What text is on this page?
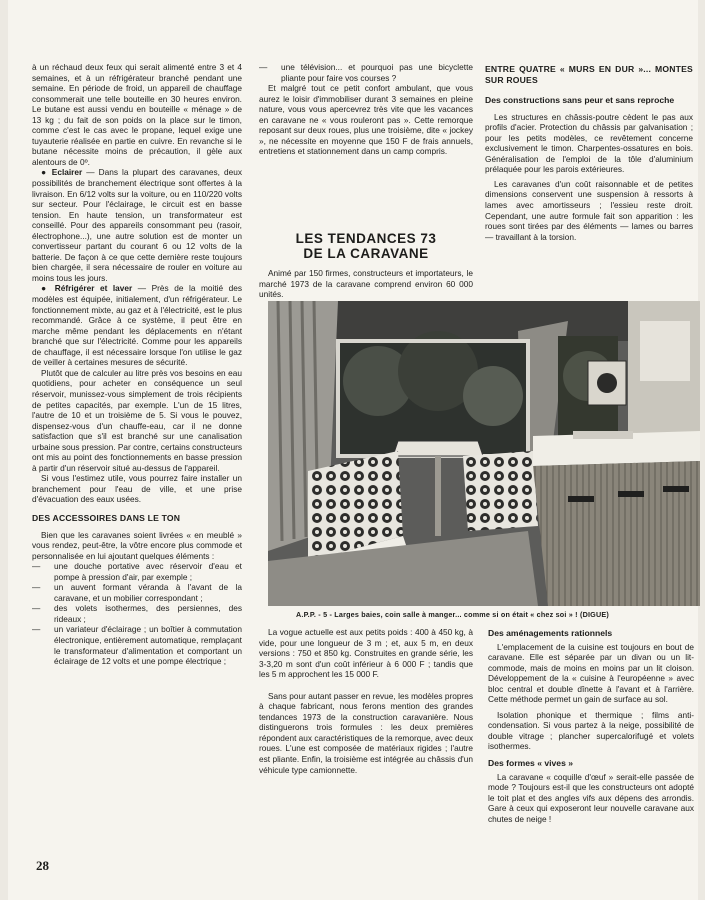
à un réchaud deux feux qui serait alimenté entre 3 et 4 semaines, et à un réfrigérateur branché pendant une semaine. En période de froid, un appareil de chauffage consommerait une telle bouteille en 30 heures environ. Le butane est aussi vendu en bouteille « ménage » de 13 kg ; du fait de son poids on la place sur le timon, comme c'est le cas avec le propane, lequel exige une tuyauterie réalisée en partie en cuivre. En revanche si le butane nécessite moins de précaution, il gèle aux alentours de 0º.

● Eclairer — Dans la plupart des caravanes, deux possibilités de branchement électrique sont offertes à la livraison. En 6/12 volts sur la voiture, ou en 110/220 volts sur secteur. Pour l'éclairage, le circuit est en basse tension. En haute tension, un transformateur est conseillé. Pour des appareils consommant peu (rasoir, électrophone...), une autre solution est de monter un convertisseur partant du courant 6 ou 12 volts de la batterie. De façon à ce que cette dernière reste toujours bien chargée, il sera nécessaire de rouler en voiture au moins tous les jours.

● Réfrigérer et laver — Près de la moitié des modèles est équipée, initialement, d'un réfrigérateur. Le fonctionnement mixte, au gaz et à l'électricité, est le plus recommandé. Grâce à ce système, il peut être en marche même pendant les déplacements en n'étant branché que sur l'électricité. Comme pour les appareils de chauffage, il est nécessaire lorsque l'on utilise le gaz de veiller à certaines mesures de sécurité.

Plutôt que de calculer au litre près vos besoins en eau quotidiens, pour acheter en conséquence un seul réservoir, munissez-vous simplement de trois récipients de petites capacités, par exemple. L'un de 15 litres, l'autre de 10 et un troisième de 5. Si vous le pouvez, dispensez-vous d'un chauffe-eau, car il ne donne satisfaction que s'il est branché sur une canalisation urbaine sous pression. Par contre, certains constructeurs ont mis au point des fonctionnements en basse pression à partir d'un réservoir situé au-dessus de l'appareil.

Si vous l'estimez utile, vous pourrez faire installer un branchement pour l'eau de ville, et une prise d'évacuation des eaux usées.

DES ACCESSOIRES DANS LE TON

Bien que les caravanes soient livrées « en meublé » vous rendez, peut-être, la vôtre encore plus commode et personnalisée en lui ajoutant quelques éléments :

— une douche portative avec réservoir d'eau et pompe à pression d'air, par exemple ;

— un auvent formant véranda à l'avant de la caravane, et un mobilier correspondant ;

— des volets isothermes, des persiennes, des rideaux ;

— un variateur d'éclairage ; un boîtier à commutation électronique, entièrement automatique, remplaçant le transformateur d'alimentation et comportant un éclairage de 12 volts et une pompe électrique ;

— une télévision... et pourquoi pas une bicyclette pliante pour faire vos courses ?

Et malgré tout ce petit confort ambulant, que vous aurez le loisir d'immobiliser durant 3 semaines en pleine nature, vous vous apercevrez très vite que les vacances en caravane ne « vous rouleront pas ». Cette remorque reposant sur deux roues, plus une troisième, dite « jockey », ne nécessite en moyenne que 150 F de frais annuels, entretiens et stationnement dans un camp compris.

LES TENDANCES 73
DE LA CARAVANE

Animé par 150 firmes, constructeurs et importateurs, le marché 1973 de la caravane comprend environ 60 000 unités.

ENTRE QUATRE « MURS EN DUR »... MONTES SUR ROUES
Des constructions sans peur et sans reproche

Les structures en châssis-poutre cèdent le pas aux profils d'acier. Protection du châssis par galvanisation ; pour les petits modèles, ce revêtement concerne exclusivement le timon. Charpentes-ossatures en bois. Généralisation de l'emploi de la tôle d'aluminium prélaquée pour les parois extérieures.

Les caravanes d'un coût raisonnable et de petites dimensions conservent une suspension à ressorts à lames avec amortisseurs ; l'essieu reste droit. Cependant, une autre formule fait son apparition : les roues sont tirées par des éléments — lames ou barres — travaillant à la torsion.

A.P.P. - 5 - Larges baies, coin salle à manger... comme si on était « chez soi » ! (DIGUE)

La vogue actuelle est aux petits poids : 400 à 450 kg, à vide, pour une longueur de 3 m ; et, aux 5 m, en deux versions : 750 et 850 kg. Construites en grande série, les 3-3,20 m sont d'un coût inférieur à 6 000 F ; tandis que les 5 m approchent les 15 000 F.

Sans pour autant passer en revue, les modèles propres à chaque fabricant, nous ferons mention des grandes tendances 1973 de la construction caravanière. Nous distinguerons trois formules : les deux premières répondent aux caractéristiques de la remorque, avec deux roues. L'une est composée de matériaux rigides ; l'autre est pliante. Enfin, la troisième est intégrée au châssis d'un véhicule type camionnette.

Des aménagements rationnels

L'emplacement de la cuisine est toujours en bout de caravane. Elle est séparée par un divan ou un lit-commode, mais de moins en moins par un lit cloison. Développement de la « cuisine à l'européenne » avec bloc central et double dînette à l'avant et à l'arrière. Cette méthode permet un gain de surface au sol.

Isolation phonique et thermique ; films anti-condensation. Si vous partez à la neige, possibilité de double vitrage ; plancher supercalorifugé et volets isothermes.

Des formes « vives »

La caravane « coquille d'œuf » serait-elle passée de mode ? Toujours est-il que les constructeurs ont adopté le toit plat et des angles vifs aux dépens des arrondis. Gare à ceux qui exposeront leur nouvelle caravane aux chutes de neige !

28
